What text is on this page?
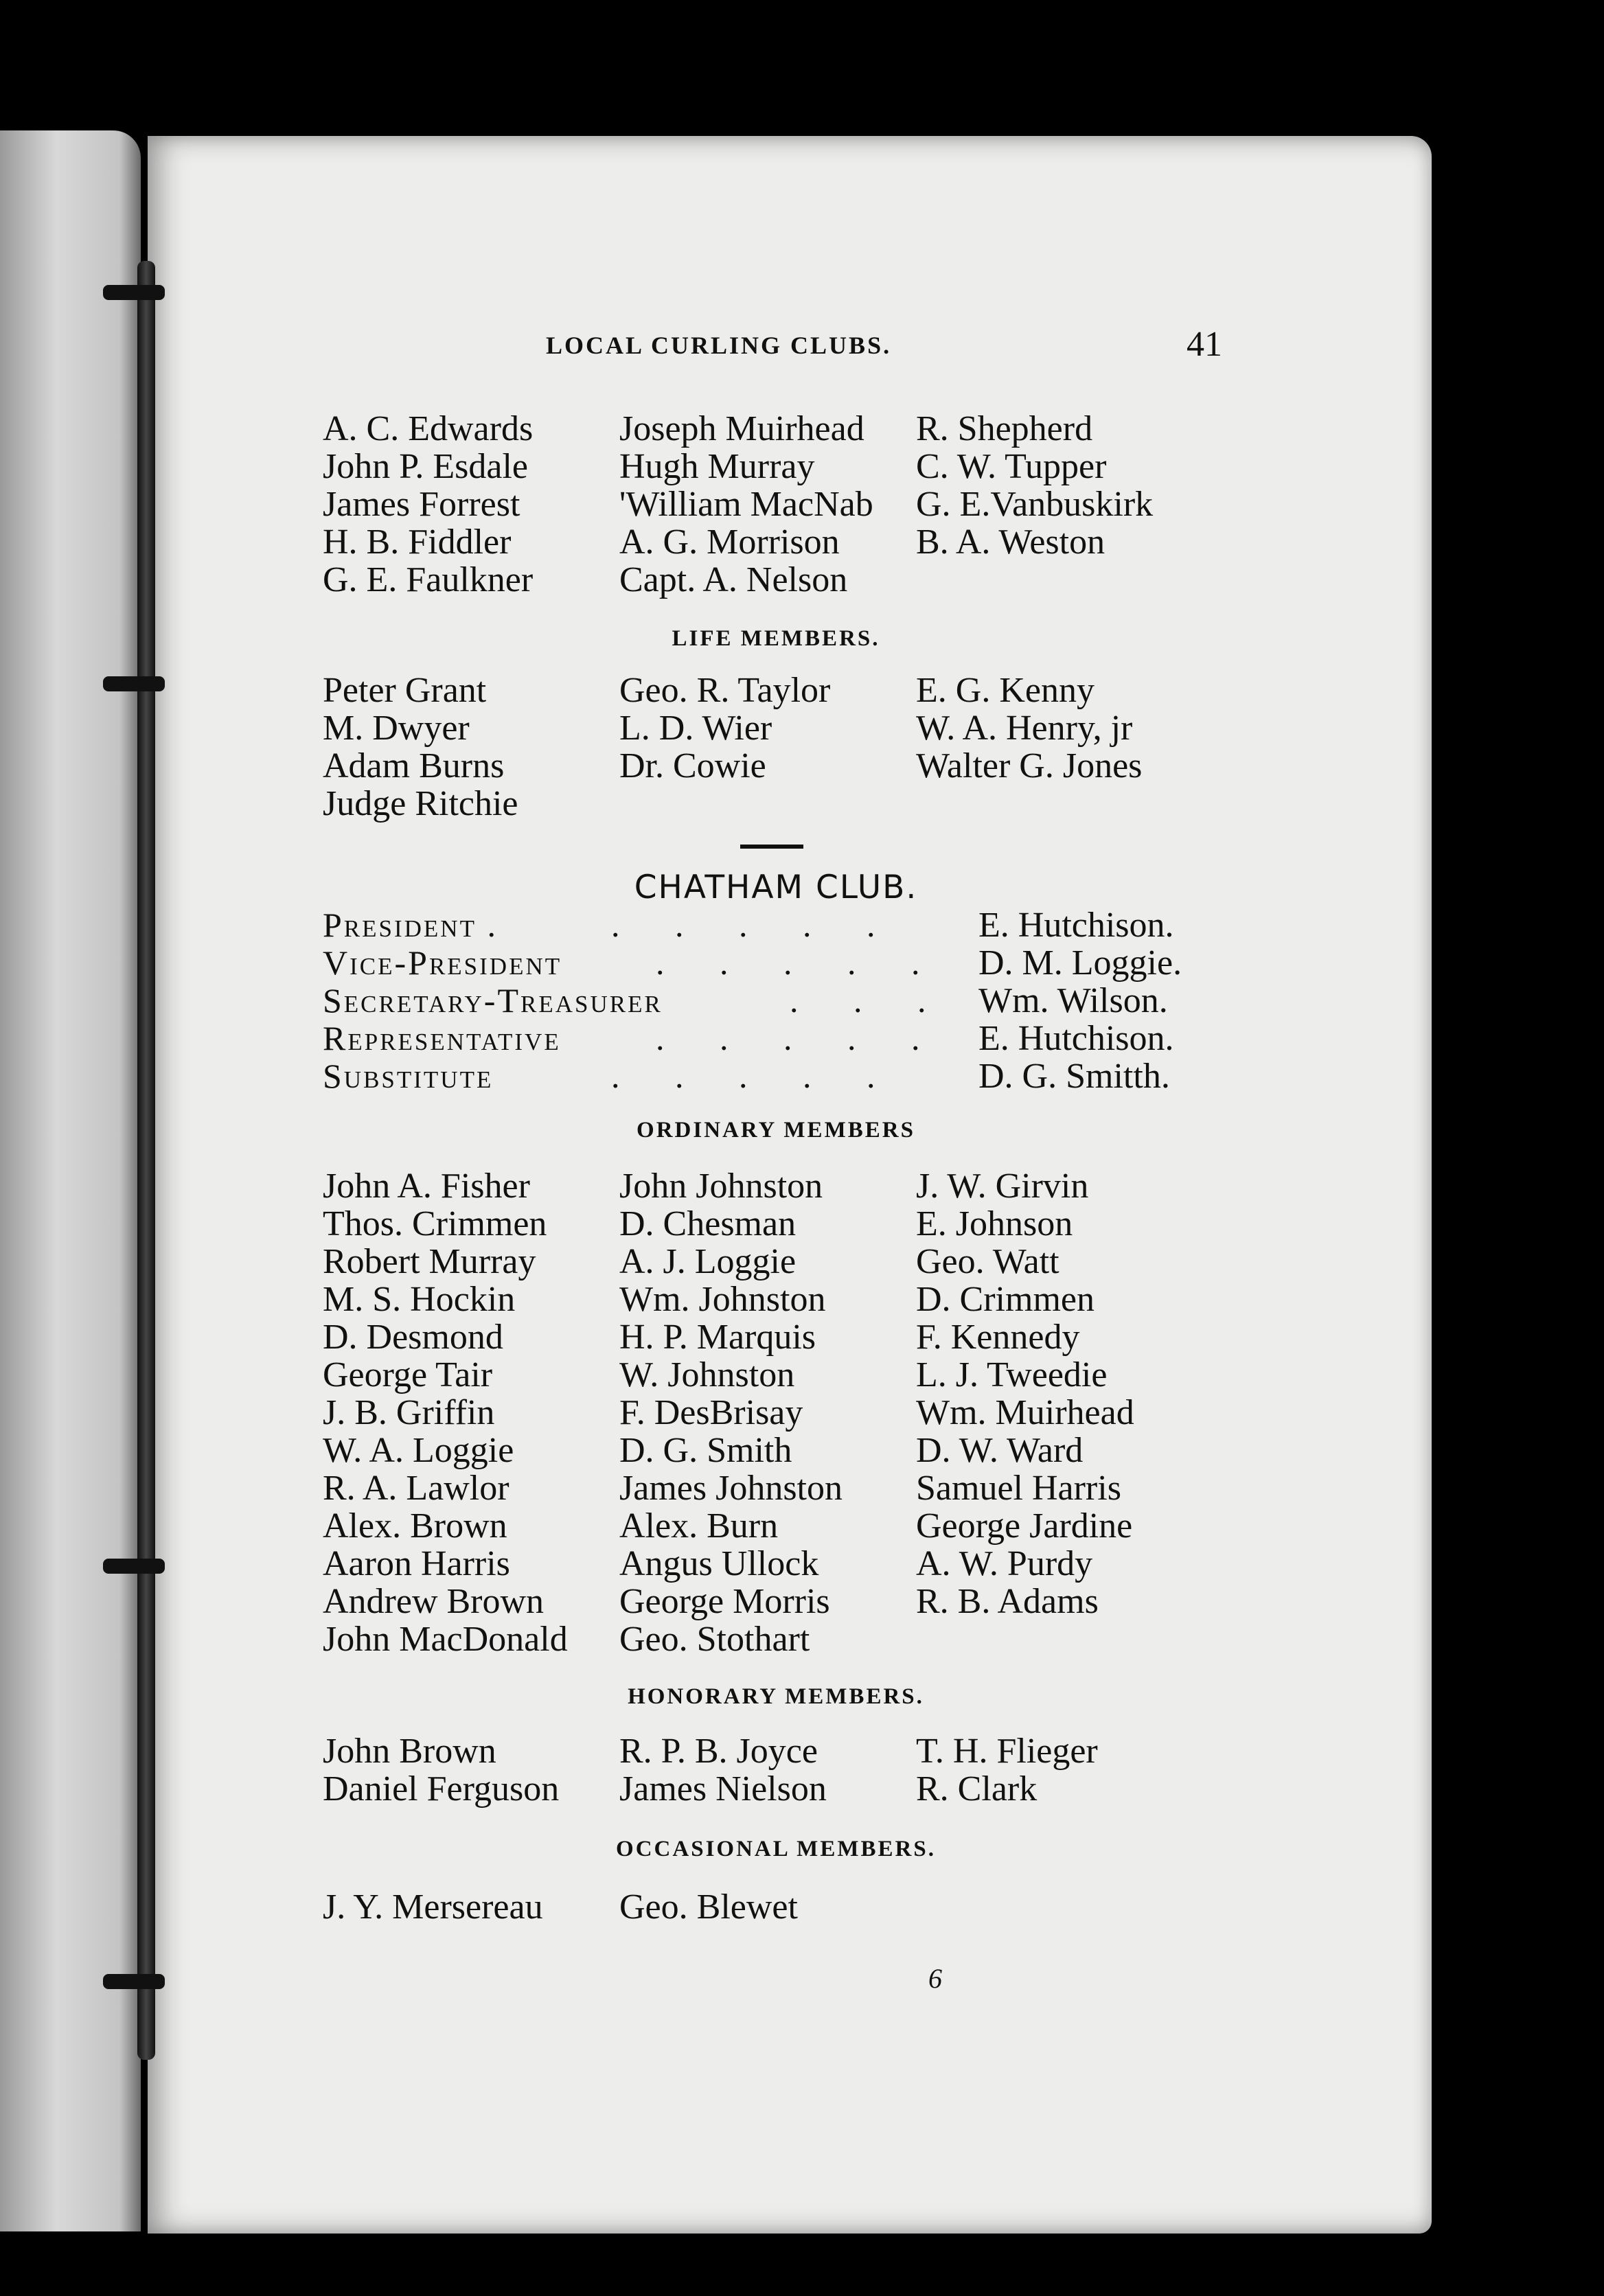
LOCAL CURLING CLUBS.	41
A. C. Edwards	Joseph Muirhead	R. Shepherd
John P. Esdale	Hugh Murray	C. W. Tupper
James Forrest	'William MacNab	G. E.Vanbuskirk
H. B. Fiddler	A. G. Morrison	B. A. Weston
G. E. Faulkner	Capt. A. Nelson
LIFE MEMBERS.
Peter Grant	Geo. R. Taylor	E. G. Kenny
M. Dwyer	L. D. Wier	W. A. Henry, jr
Adam Burns	Dr. Cowie	Walter G. Jones
Judge Ritchie
CHATHAM CLUB.
President .	. . . . . E. Hutchison.
Vice-President	. . . . . D. M. Loggie.
Secretary-Treasurer	. . . Wm. Wilson.
Representative	. . . . . E. Hutchison.
Substitute	. . . . . D. G. Smitth.
ORDINARY MEMBERS
John A. Fisher	John Johnston	J. W. Girvin
Thos. Crimmen	D. Chesman	E. Johnson
Robert Murray	A. J. Loggie	Geo. Watt
M. S. Hockin	Wm. Johnston	D. Crimmen
D. Desmond	H. P. Marquis	F. Kennedy
George Tair	W. Johnston	L. J. Tweedie
J. B. Griffin	F. DesBrisay	Wm. Muirhead
W. A. Loggie	D. G. Smith	D. W. Ward
R. A. Lawlor	James Johnston	Samuel Harris
Alex. Brown	Alex. Burn	George Jardine
Aaron Harris	Angus Ullock	A. W. Purdy
Andrew Brown	George Morris	R. B. Adams
John MacDonald	Geo. Stothart
HONORARY MEMBERS.
John Brown	R. P. B. Joyce	T. H. Flieger
Daniel Ferguson	James Nielson	R. Clark
OCCASIONAL MEMBERS.
J. Y. Mersereau	Geo. Blewet
6
